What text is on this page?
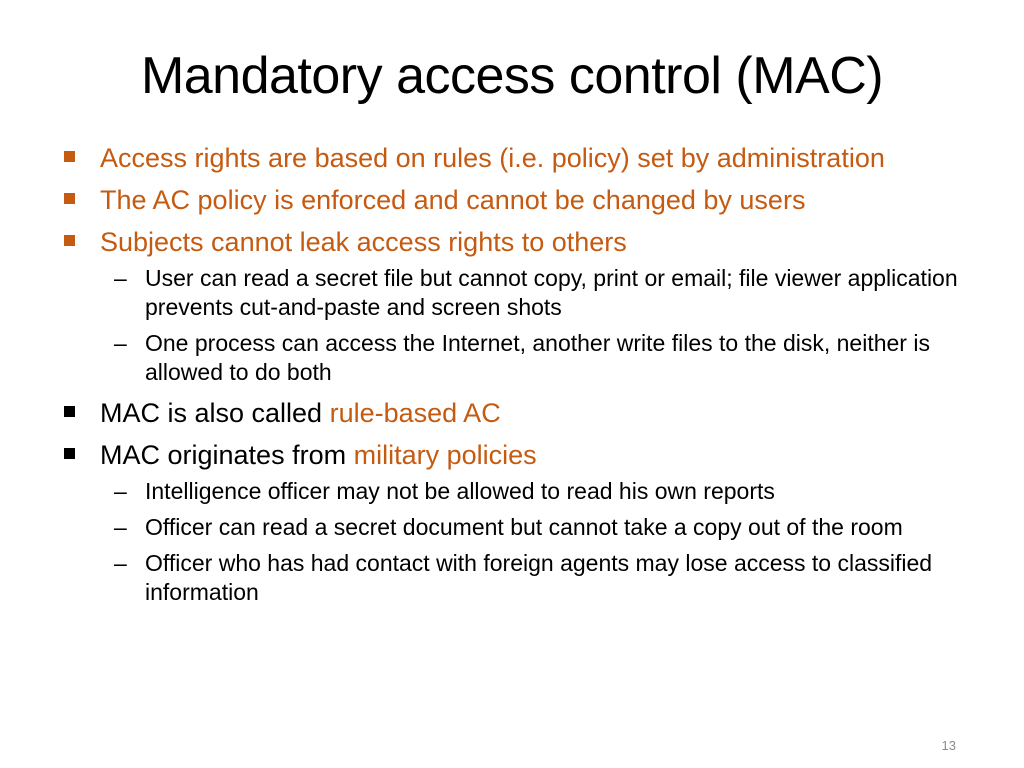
Mandatory access control (MAC)
Access rights are based on rules (i.e. policy) set by administration
The AC policy is enforced and cannot be changed by users
Subjects cannot leak access rights to others
– User can read a secret file but cannot copy, print or email; file viewer application prevents cut-and-paste and screen shots
– One process can access the Internet, another write files to the disk, neither is allowed to do both
MAC is also called rule-based AC
MAC originates from military policies
– Intelligence officer may not be allowed to read his own reports
– Officer can read a secret document but cannot take a copy out of the room
– Officer who has had contact with foreign agents may lose access to classified information
13
